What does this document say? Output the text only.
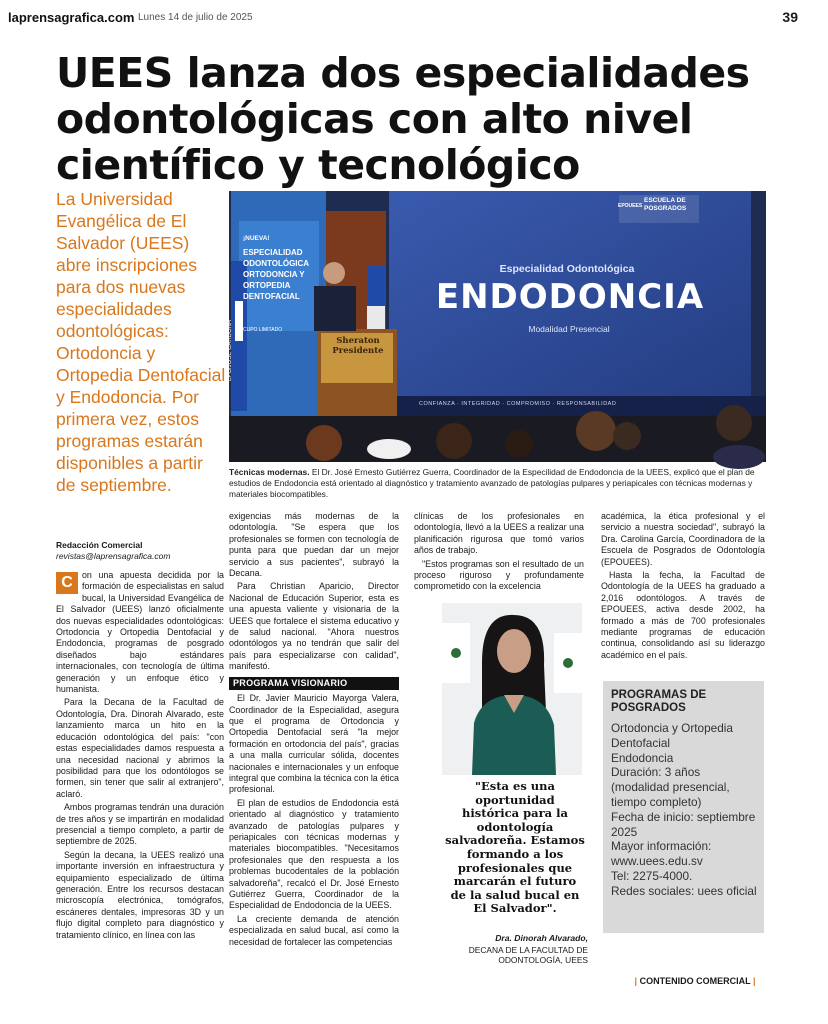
laprensagrafica.com Lunes 14 de julio de 2025	39
UEES lanza dos especialidades odontológicas con alto nivel científico y tecnológico
La Universidad Evangélica de El Salvador (UEES) abre inscripciones para dos nuevas especialidades odontológicas: Ortodoncia y Ortopedia Dentofacial y Endodoncia. Por primera vez, estos programas estarán disponibles a partir de septiembre.
LPG/JOSÉ CARDONA
Especialidad Odontológica
ENDODONCIA
Modalidad Presencial
ESCUELA DE POSGRADOS
EPOUEES
Sheraton Presidente
¡NUEVA!
ESPECIALIDAD ODONTOLÓGICA ORTODONCIA Y ORTOPEDIA DENTOFACIAL
CUPO LIMITADO
CONFIANZA · INTEGRIDAD · COMPROMISO · RESPONSABILIDAD
Técnicas modernas. El Dr. José Ernesto Gutiérrez Guerra, Coordinador de la Especilidad de Endodoncia de la UEES, explicó que el plan de estudios de Endodoncia está orientado al diagnóstico y tratamiento avanzado de patologías pulpares y periapicales con técnicas modernas y materiales biocompatibles.
Redacción Comercial
revistas@laprensagrafica.com

C	on una apuesta decidida por la formación de especialistas en salud bucal, la Universidad Evangélica de El Salvador (UEES) lanzó oficialmente dos nuevas especialidades odontológicas: Ortodoncia y Ortopedia Dentofacial y Endodoncia, programas de posgrado diseñados bajo estándares internacionales, con tecnología de última generación y un enfoque ético y humanista.

Para la Decana de la Facultad de Odontología, Dra. Dinorah Alvarado, este lanzamiento marca un hito en la educación odontológica del país: "con estas especialidades damos respuesta a una necesidad nacional y abrimos la posibilidad para que los odontólogos se formen, sin tener que salir al extranjero", aclaró.

Ambos programas tendrán una duración de tres años y se impartirán en modalidad presencial a tiempo completo, a partir de septiembre de 2025.

Según la decana, la UEES realizó una importante inversión en infraestructura y equipamiento especializado de última generación. Entre los recursos destacan microscopía electrónica, tomógrafos, escáneres dentales, impresoras 3D y un flujo digital completo para diagnóstico y tratamiento clínico, en línea con las

exigencias más modernas de la odontología. "Se espera que los profesionales se formen con tecnología de punta para que puedan dar un mejor servicio a sus pacientes", subrayó la Decana.

Para Christian Aparicio, Director Nacional de Educación Superior, esta es una apuesta valiente y visionaria de la UEES que fortalece el sistema educativo y de salud nacional. "Ahora nuestros odontólogos ya no tendrán que salir del país para especializarse con calidad", manifestó.

PROGRAMA VISIONARIO

El Dr. Javier Mauricio Mayorga Valera, Coordinador de la Especialidad, asegura que el programa de Ortodoncia y Ortopedia Dentofacial será "la mejor formación en ortodoncia del país", gracias a una malla curricular sólida, docentes nacionales e internacionales y un enfoque integral que combina la técnica con la ética profesional.

El plan de estudios de Endodoncia está orientado al diagnóstico y tratamiento avanzado de patologías pulpares y periapicales con técnicas modernas y materiales biocompatibles. "Necesitamos profesionales que den respuesta a los problemas bucodentales de la población salvadoreña", recalcó el Dr. José Ernesto Gutiérrez Guerra, Coordinador de la Especialidad de Endodoncia de la UEES.

La creciente demanda de atención especializada en salud bucal, así como la necesidad de fortalecer las competencias

clínicas de los profesionales en odontología, llevó a la UEES a realizar una planificación rigurosa que tomó varios años de trabajo.

"Estos programas son el resultado de un proceso riguroso y profundamente comprometido con la excelencia

"Esta es una oportunidad histórica para la odontología salvadoreña. Estamos formando a los profesionales que marcarán el futuro de la salud bucal en El Salvador".
Dra. Dinorah Alvarado,
DECANA DE LA FACULTAD DE ODONTOLOGÍA, UEES

académica, la ética profesional y el servicio a nuestra sociedad", subrayó la Dra. Carolina García, Coordinadora de la Escuela de Posgrados de Odontología (EPOUEES).

Hasta la fecha, la Facultad de Odontología de la UEES ha graduado a 2,016 odontólogos. A través de EPOUEES, activa desde 2002, ha formado a más de 700 profesionales mediante programas de educación continua, consolidando así su liderazgo académico en el país.

PROGRAMAS DE POSGRADOS
Ortodoncia y Ortopedia
Dentofacial
Endodoncia
Duración: 3 años (modalidad presencial, tiempo completo)
Fecha de inicio: septiembre 2025
Mayor información:
www.uees.edu.sv
Tel: 2275-4000.
Redes sociales: uees oficial
| CONTENIDO COMERCIAL |
